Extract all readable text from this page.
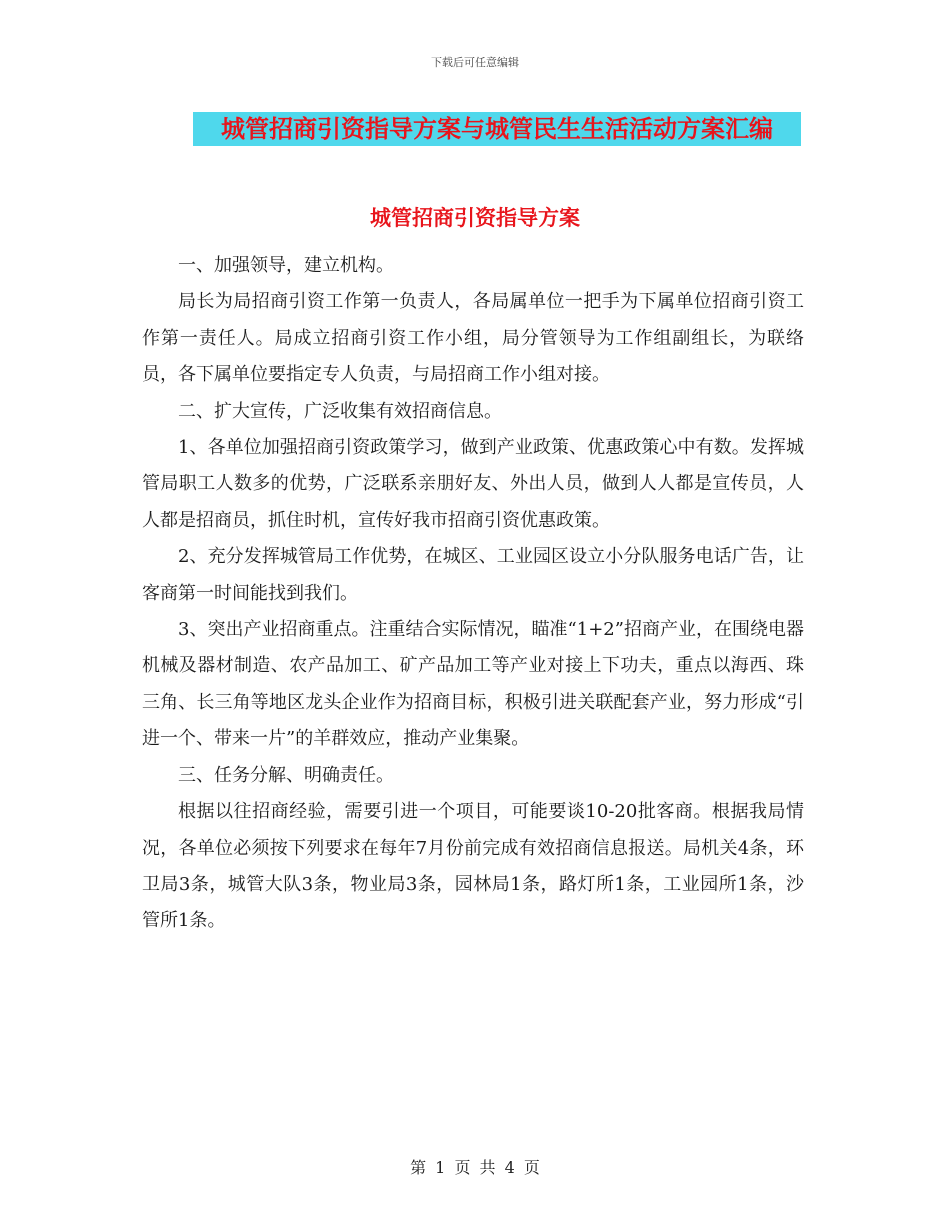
下载后可任意编辑
城管招商引资指导方案与城管民生生活活动方案汇编
城管招商引资指导方案

一、加强领导，建立机构。

局长为局招商引资工作第一负责人，各局属单位一把手为下属单位招商引资工作第一责任人。局成立招商引资工作小组，局分管领导为工作组副组长，为联络员，各下属单位要指定专人负责，与局招商工作小组对接。

二、扩大宣传，广泛收集有效招商信息。

1、各单位加强招商引资政策学习，做到产业政策、优惠政策心中有数。发挥城管局职工人数多的优势，广泛联系亲朋好友、外出人员，做到人人都是宣传员，人人都是招商员，抓住时机，宣传好我市招商引资优惠政策。

2、充分发挥城管局工作优势，在城区、工业园区设立小分队服务电话广告，让客商第一时间能找到我们。

3、突出产业招商重点。注重结合实际情况，瞄准“1+2”招商产业，在围绕电器机械及器材制造、农产品加工、矿产品加工等产业对接上下功夫，重点以海西、珠三角、长三角等地区龙头企业作为招商目标，积极引进关联配套产业，努力形成“引进一个、带来一片”的羊群效应，推动产业集聚。

三、任务分解、明确责任。

根据以往招商经验，需要引进一个项目，可能要谈10-20批客商。根据我局情况，各单位必须按下列要求在每年7月份前完成有效招商信息报送。局机关4条，环卫局3条，城管大队3条，物业局3条，园林局1条，路灯所1条，工业园所1条，沙管所1条。

第 1 页 共 4 页
